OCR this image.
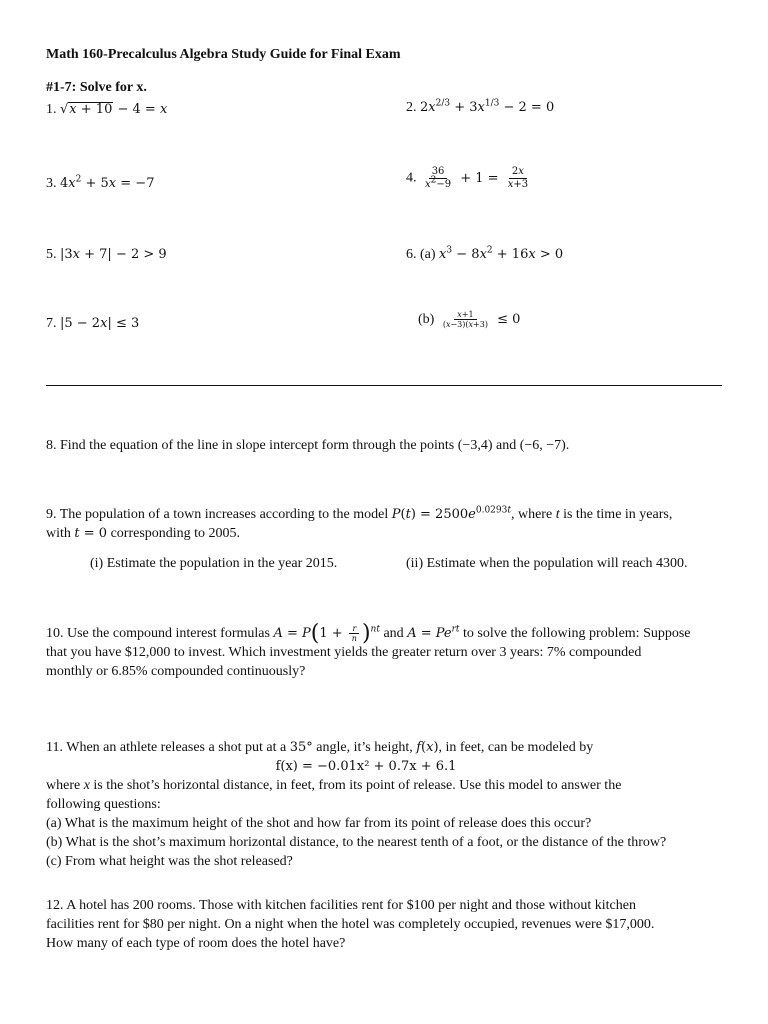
Math 160-Precalculus Algebra Study Guide for Final Exam
#1-7: Solve for x.
1. √x + 10 − 4 = x	2. $2x^{2/3} + 3x^{1/3} - 2 = 0$
3. $4x^2 + 5x = -7$	4. $\frac{36}{x^2-9} + 1 = \frac{2x}{x+3}$
5. |3x + 7| − 2 > 9	6. (a) $x^3 - 8x^2 + 16x > 0$
7. |5 − 2x| ≤ 3	$(b) \frac{x+1}{(x-3)(x+3)} \le 0$
8. Find the equation of the line in slope intercept form through the points (−3,4) and (−6, −7).
9. The population of a town increases according to the model $P(t) = 2500e^{0.0293t}$, where t is the time in years,
with t = 0 corresponding to 2005.
(i) Estimate the population in the year 2015.	(ii) Estimate when the population will reach 4300.
10. Use the compound interest formulas $A = P(1 + \frac{r}{n} )^{nt}$ and $A = Pe^{rt}$ to solve the following problem: Suppose
that you have $12,000 to invest. Which investment yields the greater return over 3 years: 7% compounded
monthly or 6.85% compounded continuously?
11. When an athlete releases a shot put at a 35° angle, it’s height, f(x), in feet, can be modeled by
f(x) = −0.01x² + 0.7x + 6.1
where x is the shot’s horizontal distance, in feet, from its point of release. Use this model to answer the
following questions:
(a) What is the maximum height of the shot and how far from its point of release does this occur?
(b) What is the shot’s maximum horizontal distance, to the nearest tenth of a foot, or the distance of the throw?
(c) From what height was the shot released?
12. A hotel has 200 rooms. Those with kitchen facilities rent for $100 per night and those without kitchen
facilities rent for $80 per night. On a night when the hotel was completely occupied, revenues were $17,000.
How many of each type of room does the hotel have?
